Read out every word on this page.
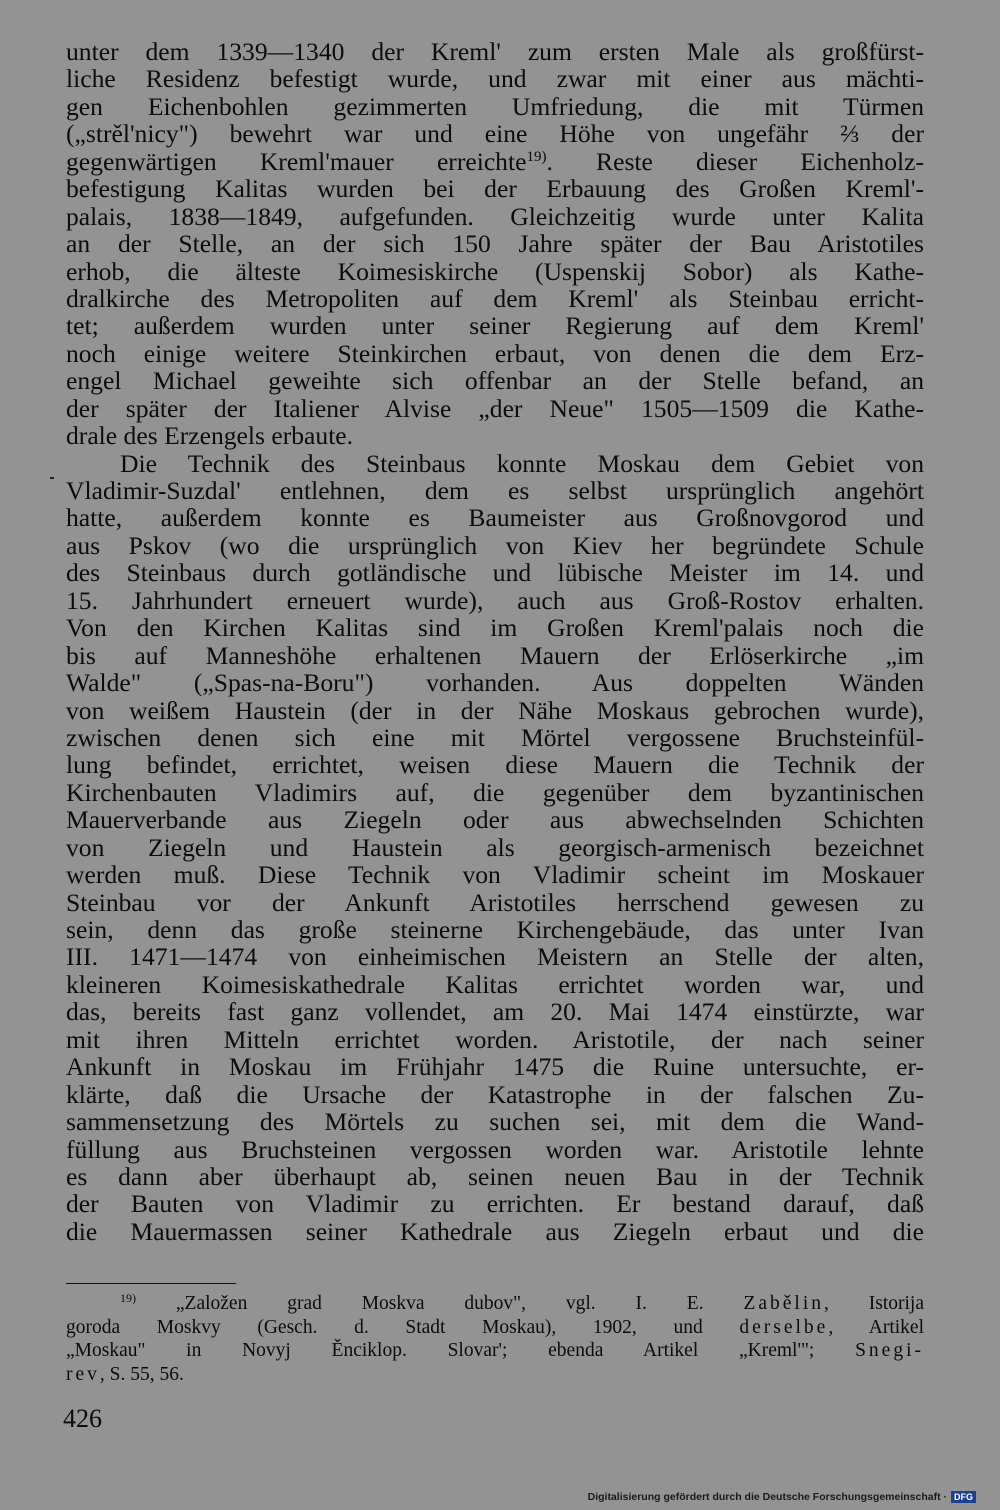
unter dem 1339—1340 der Kreml' zum ersten Male als großfürst-
liche Residenz befestigt wurde, und zwar mit einer aus mächti-
gen Eichenbohlen gezimmerten Umfriedung, die mit Türmen
(„strěl'nicy") bewehrt war und eine Höhe von ungefähr ⅔ der
gegenwärtigen Kreml'mauer erreichte$^{19)}$. Reste dieser Eichenholz-
befestigung Kalitas wurden bei der Erbauung des Großen Kreml'-
palais, 1838—1849, aufgefunden. Gleichzeitig wurde unter Kalita
an der Stelle, an der sich 150 Jahre später der Bau Aristotiles
erhob, die älteste Koimesiskirche (Uspenskij Sobor) als Kathe-
dralkirche des Metropoliten auf dem Kreml' als Steinbau erricht-
tet; außerdem wurden unter seiner Regierung auf dem Kreml'
noch einige weitere Steinkirchen erbaut, von denen die dem Erz-
engel Michael geweihte sich offenbar an der Stelle befand, an
der später der Italiener Alvise „der Neue" 1505—1509 die Kathe-
drale des Erzengels erbaute.
Die Technik des Steinbaus konnte Moskau dem Gebiet von
Vladimir-Suzdal' entlehnen, dem es selbst ursprünglich angehört
hatte, außerdem konnte es Baumeister aus Großnovgorod und
aus Pskov (wo die ursprünglich von Kiev her begründete Schule
des Steinbaus durch gotländische und lübische Meister im 14. und
15. Jahrhundert erneuert wurde), auch aus Groß-Rostov erhalten.
Von den Kirchen Kalitas sind im Großen Kreml'palais noch die
bis auf Manneshöhe erhaltenen Mauern der Erlöserkirche „im
Walde" („Spas-na-Boru") vorhanden. Aus doppelten Wänden
von weißem Haustein (der in der Nähe Moskaus gebrochen wurde),
zwischen denen sich eine mit Mörtel vergossene Bruchsteinfül-
lung befindet, errichtet, weisen diese Mauern die Technik der
Kirchenbauten Vladimirs auf, die gegenüber dem byzantinischen
Mauerverbande aus Ziegeln oder aus abwechselnden Schichten
von Ziegeln und Haustein als georgisch-armenisch bezeichnet
werden muß. Diese Technik von Vladimir scheint im Moskauer
Steinbau vor der Ankunft Aristotiles herrschend gewesen zu
sein, denn das große steinerne Kirchengebäude, das unter Ivan
III. 1471—1474 von einheimischen Meistern an Stelle der alten,
kleineren Koimesiskathedrale Kalitas errichtet worden war, und
das, bereits fast ganz vollendet, am 20. Mai 1474 einstürzte, war
mit ihren Mitteln errichtet worden. Aristotile, der nach seiner
Ankunft in Moskau im Frühjahr 1475 die Ruine untersuchte, er-
klärte, daß die Ursache der Katastrophe in der falschen Zu-
sammensetzung des Mörtels zu suchen sei, mit dem die Wand-
füllung aus Bruchsteinen vergossen worden war. Aristotile lehnte
es dann aber überhaupt ab, seinen neuen Bau in der Technik
der Bauten von Vladimir zu errichten. Er bestand darauf, daß
die Mauermassen seiner Kathedrale aus Ziegeln erbaut und die
$^{19)}$ „Založen grad Moskva dubov", vgl. I. E. Zabělin, Istorija
goroda Moskvy (Gesch. d. Stadt Moskau), 1902, und derselbe, Artikel
„Moskau" in Novyj Ěnciklop. Slovar'; ebenda Artikel „Kreml'"; Snegi-
rev, S. 55, 56.
426
Digitalisierung gefördert durch die Deutsche Forschungsgemeinschaft · DFG
